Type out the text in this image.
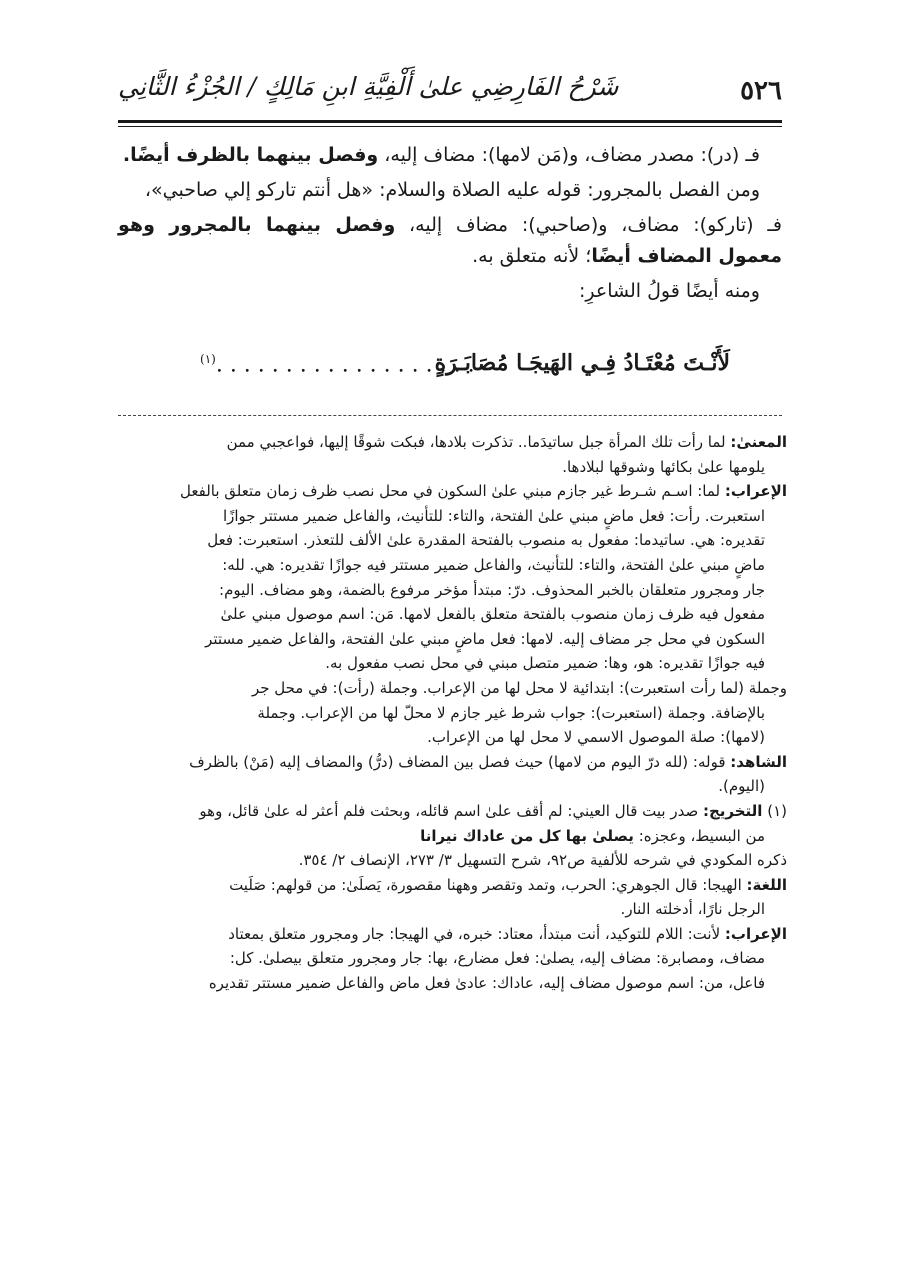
٥٢٦
شَرْحُ الفَارِضِي علىٰ أَلْفِيَّةِ ابنِ مَالِكٍ / الجُزْءُ الثَّانِي

فـ (در): مصدر مضاف، و(مَن لامها): مضاف إليه، وفصل بينهما بالظرف أيضًا.

ومن الفصل بالمجرور: قوله عليه الصلاة والسلام: «هل أنتم تاركو إلي صاحبي»،

فـ (تاركو): مضاف، و(صاحبي): مضاف إليه، وفصل بينهما بالمجرور وهو معمول المضاف أيضًا؛ لأنه متعلق به.

ومنه أيضًا قولُ الشاعرِ:

لَأَنْـتَ مُعْتَـادُ فِـي الهَيجَـا مُصَابَـرَةٍ
. . . . . . . . . . . . . . . . . . .$^{(١)}$
المعنىٰ: لما رأت تلك المرأة جبل ساتيدَما.. تذكرت بلادها، فبكت شوقًا إليها، فواعجبي ممن
يلومها علىٰ بكائها وشوقها لبلادها.
الإعراب: لما: اسـم شـرط غير جازم مبني علىٰ السكون في محل نصب ظرف زمان متعلق بالفعل
استعبرت. رأت: فعل ماضٍ مبني علىٰ الفتحة، والتاء: للتأنيث، والفاعل ضمير مستتر جوازًا
تقديره: هي. ساتيدما: مفعول به منصوب بالفتحة المقدرة علىٰ الألف للتعذر. استعبرت: فعل
ماضٍ مبني علىٰ الفتحة، والتاء: للتأنيث، والفاعل ضمير مستتر فيه جوازًا تقديره: هي. لله:
جار ومجرور متعلقان بالخبر المحذوف. درّ: مبتدأ مؤخر مرفوع بالضمة، وهو مضاف. اليوم:
مفعول فيه ظرف زمان منصوب بالفتحة متعلق بالفعل لامها. مَن: اسم موصول مبني علىٰ
السكون في محل جر مضاف إليه. لامها: فعل ماضٍ مبني علىٰ الفتحة، والفاعل ضمير مستتر
فيه جوازًا تقديره: هو، وها: ضمير متصل مبني في محل نصب مفعول به.
وجملة (لما رأت استعبرت): ابتدائية لا محل لها من الإعراب. وجملة (رأت): في محل جر
بالإضافة. وجملة (استعبرت): جواب شرط غير جازم لا محلّ لها من الإعراب. وجملة
(لامها): صلة الموصول الاسمي لا محل لها من الإعراب.
الشاهد: قوله: (لله درّ اليوم من لامها) حيث فصل بين المضاف (درُّ) والمضاف إليه (مَنْ) بالظرف
(اليوم).
(١) التخريج: صدر بيت قال العيني: لم أقف علىٰ اسم قائله، وبحثت فلم أعثر له علىٰ قائل، وهو
من البسيط، وعجزه: يصلىٰ بها كل من عاداك نيرانا
ذكره المكودي في شرحه للألفية ص٩٢، شرح التسهيل ٣/ ٢٧٣، الإنصاف ٢/ ٣٥٤.
اللغة: الهيجا: قال الجوهري: الحرب، وتمد وتقصر وههنا مقصورة، يَصلَىٰ: من قولهم: صَلَيت
الرجل نارًا، أدخلته النار.
الإعراب: لأنت: اللام للتوكيد، أنت مبتدأ، معتاد: خبره، في الهيجا: جار ومجرور متعلق بمعتاد
مضاف، ومصابرة: مضاف إليه، يصلىٰ: فعل مضارع، بها: جار ومجرور متعلق بيصلىٰ. كل:
فاعل، من: اسم موصول مضاف إليه، عاداك: عادىٰ فعل ماض والفاعل ضمير مستتر تقديره
